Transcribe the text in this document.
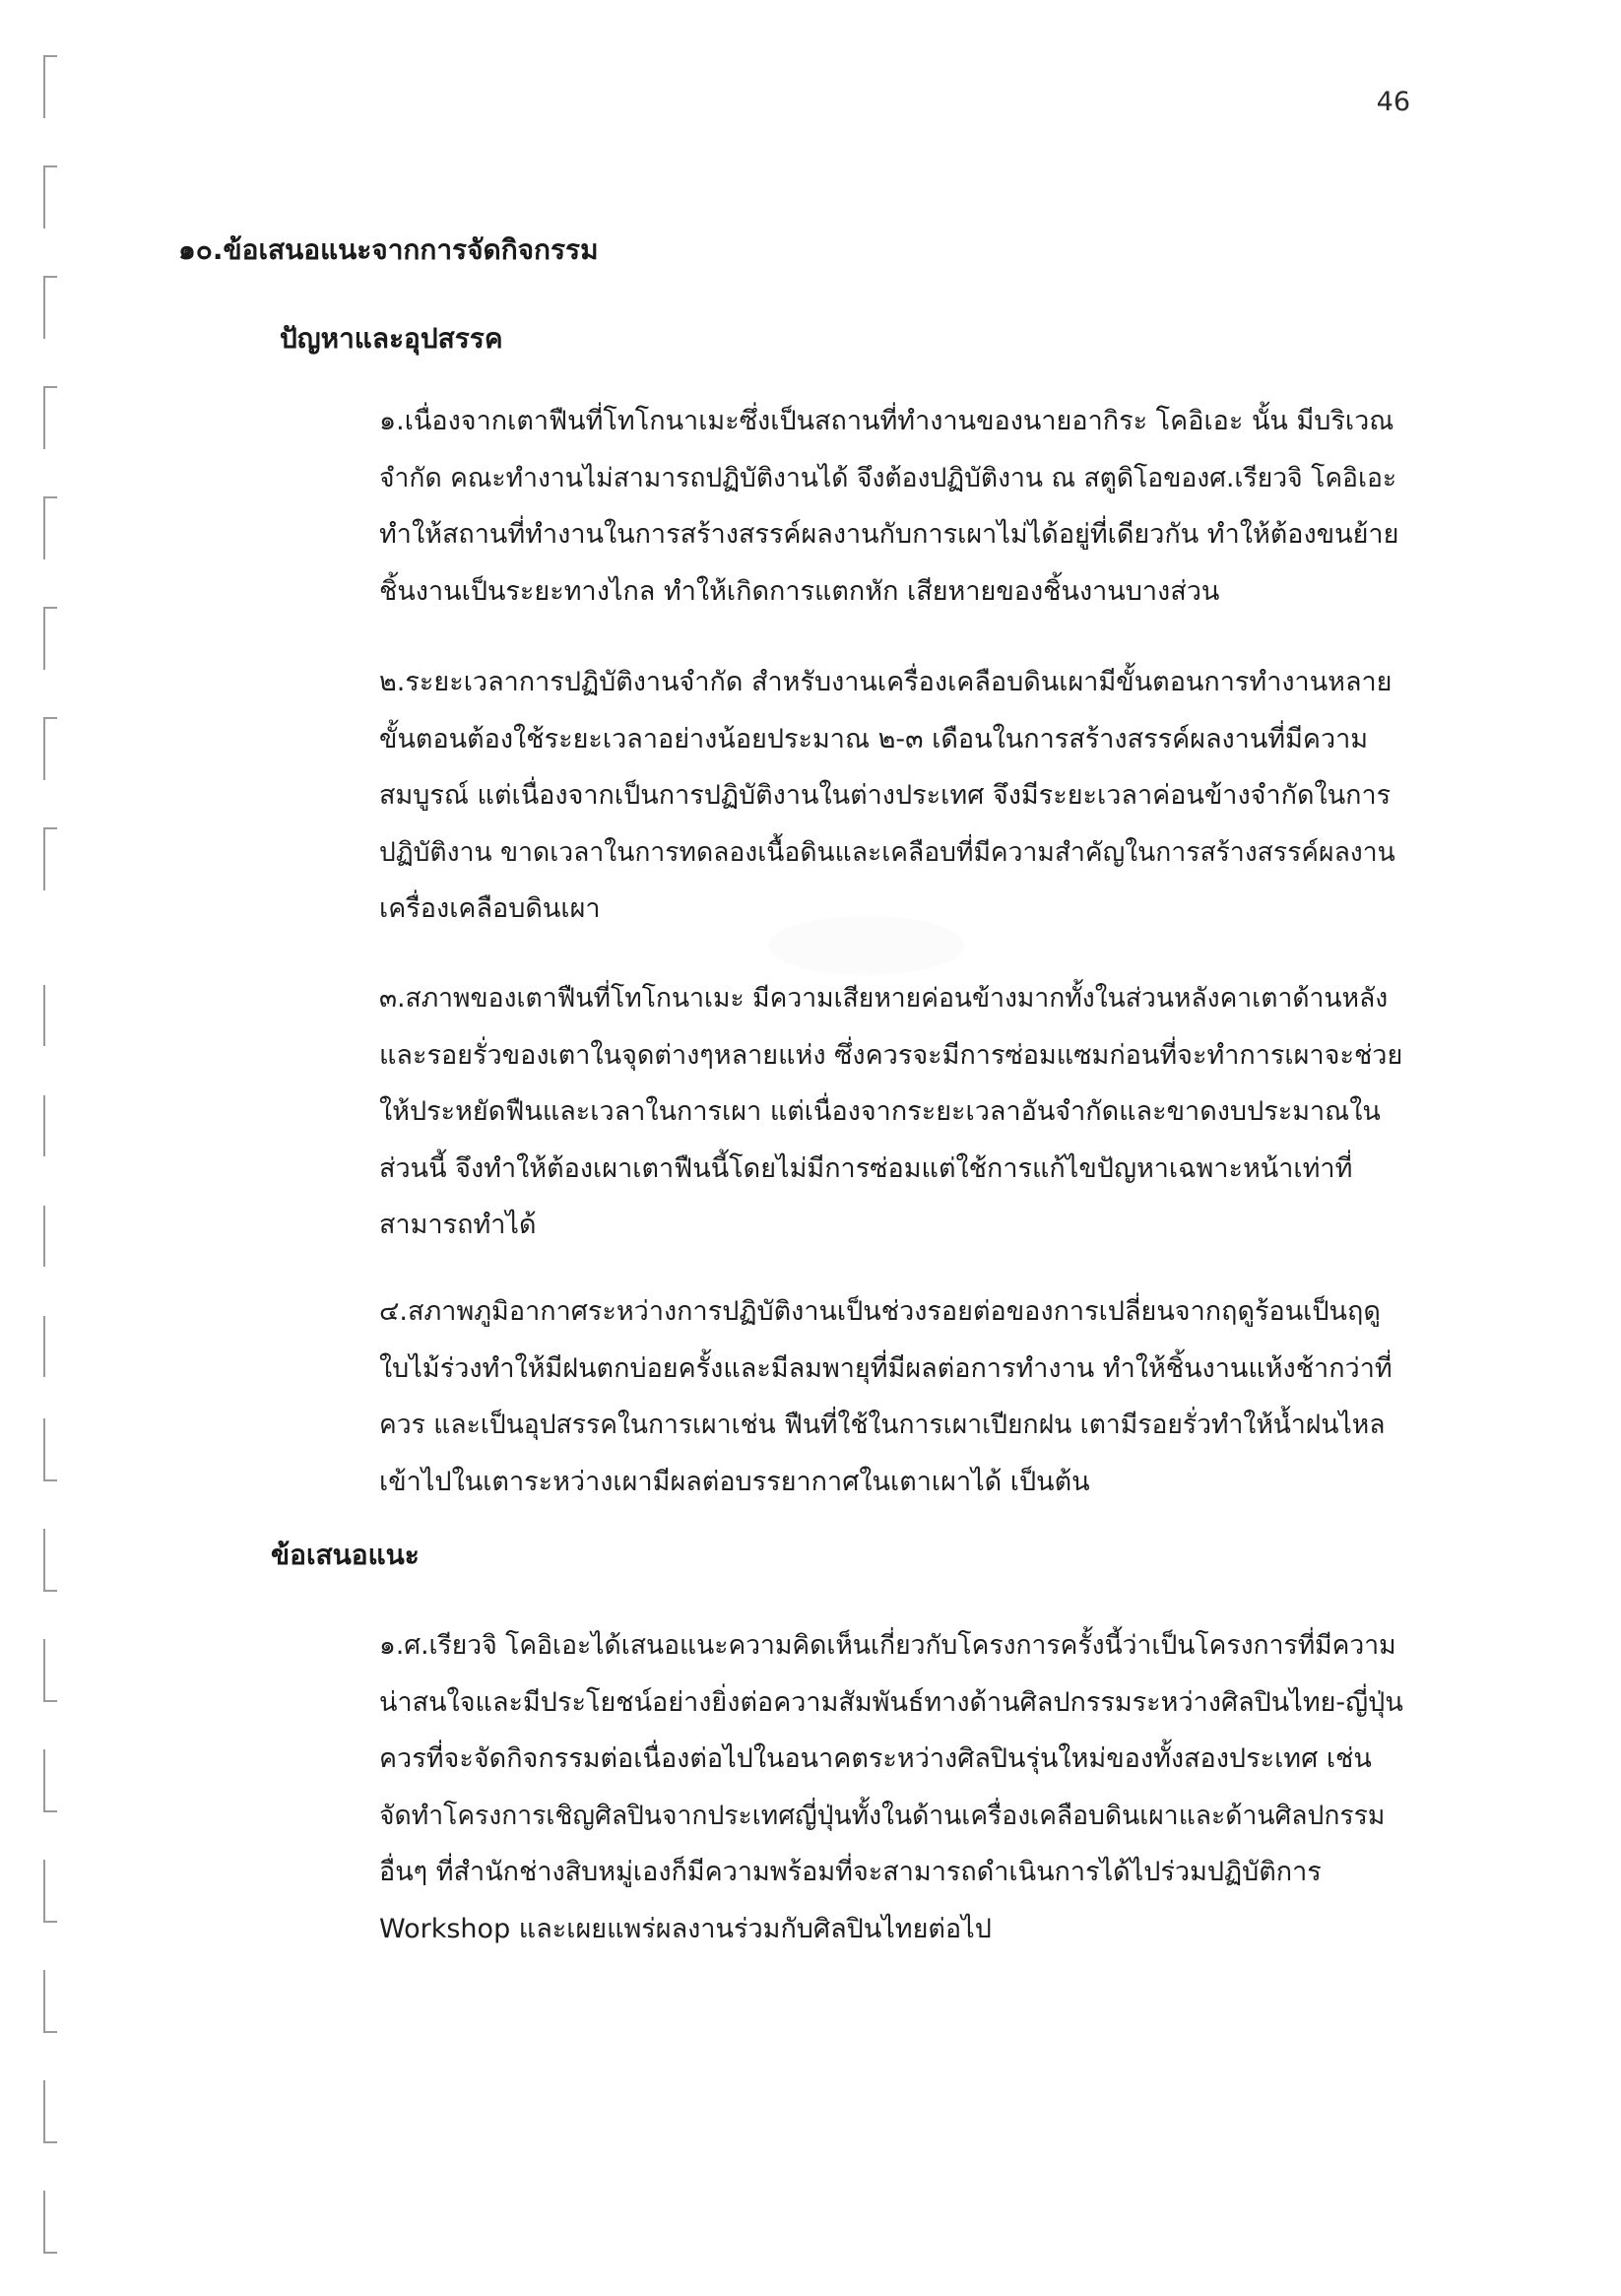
46
๑๐.ข้อเสนอแนะจากการจัดกิจกรรม
ปัญหาและอุปสรรค
๑.เนื่องจากเตาฟืนที่โทโกนาเมะซึ่งเป็นสถานที่ทำงานของนายอากิระ โคอิเอะ นั้น มีบริเวณ
จำกัด คณะทำงานไม่สามารถปฏิบัติงานได้ จึงต้องปฏิบัติงาน ณ สตูดิโอของศ.เรียวจิ โคอิเอะ
ทำให้สถานที่ทำงานในการสร้างสรรค์ผลงานกับการเผาไม่ได้อยู่ที่เดียวกัน ทำให้ต้องขนย้าย
ชิ้นงานเป็นระยะทางไกล ทำให้เกิดการแตกหัก เสียหายของชิ้นงานบางส่วน
๒.ระยะเวลาการปฏิบัติงานจำกัด สำหรับงานเครื่องเคลือบดินเผามีขั้นตอนการทำงานหลาย
ขั้นตอนต้องใช้ระยะเวลาอย่างน้อยประมาณ ๒-๓ เดือนในการสร้างสรรค์ผลงานที่มีความ
สมบูรณ์ แต่เนื่องจากเป็นการปฏิบัติงานในต่างประเทศ จึงมีระยะเวลาค่อนข้างจำกัดในการ
ปฏิบัติงาน ขาดเวลาในการทดลองเนื้อดินและเคลือบที่มีความสำคัญในการสร้างสรรค์ผลงาน
เครื่องเคลือบดินเผา
๓.สภาพของเตาฟืนที่โทโกนาเมะ มีความเสียหายค่อนข้างมากทั้งในส่วนหลังคาเตาด้านหลัง
และรอยรั่วของเตาในจุดต่างๆหลายแห่ง ซึ่งควรจะมีการซ่อมแซมก่อนที่จะทำการเผาจะช่วย
ให้ประหยัดฟืนและเวลาในการเผา แต่เนื่องจากระยะเวลาอันจำกัดและขาดงบประมาณใน
ส่วนนี้ จึงทำให้ต้องเผาเตาฟืนนี้โดยไม่มีการซ่อมแต่ใช้การแก้ไขปัญหาเฉพาะหน้าเท่าที่
สามารถทำได้
๔.สภาพภูมิอากาศระหว่างการปฏิบัติงานเป็นช่วงรอยต่อของการเปลี่ยนจากฤดูร้อนเป็นฤดู
ใบไม้ร่วงทำให้มีฝนตกบ่อยครั้งและมีลมพายุที่มีผลต่อการทำงาน ทำให้ชิ้นงานแห้งช้ากว่าที่
ควร และเป็นอุปสรรคในการเผาเช่น ฟืนที่ใช้ในการเผาเปียกฝน เตามีรอยรั่วทำให้น้ำฝนไหล
เข้าไปในเตาระหว่างเผามีผลต่อบรรยากาศในเตาเผาได้ เป็นต้น
ข้อเสนอแนะ
๑.ศ.เรียวจิ โคอิเอะได้เสนอแนะความคิดเห็นเกี่ยวกับโครงการครั้งนี้ว่าเป็นโครงการที่มีความ
น่าสนใจและมีประโยชน์อย่างยิ่งต่อความสัมพันธ์ทางด้านศิลปกรรมระหว่างศิลปินไทย-ญี่ปุ่น
ควรที่จะจัดกิจกรรมต่อเนื่องต่อไปในอนาคตระหว่างศิลปินรุ่นใหม่ของทั้งสองประเทศ เช่น
จัดทำโครงการเชิญศิลปินจากประเทศญี่ปุ่นทั้งในด้านเครื่องเคลือบดินเผาและด้านศิลปกรรม
อื่นๆ ที่สำนักช่างสิบหมู่เองก็มีความพร้อมที่จะสามารถดำเนินการได้ไปร่วมปฏิบัติการ
Workshop และเผยแพร่ผลงานร่วมกับศิลปินไทยต่อไป
